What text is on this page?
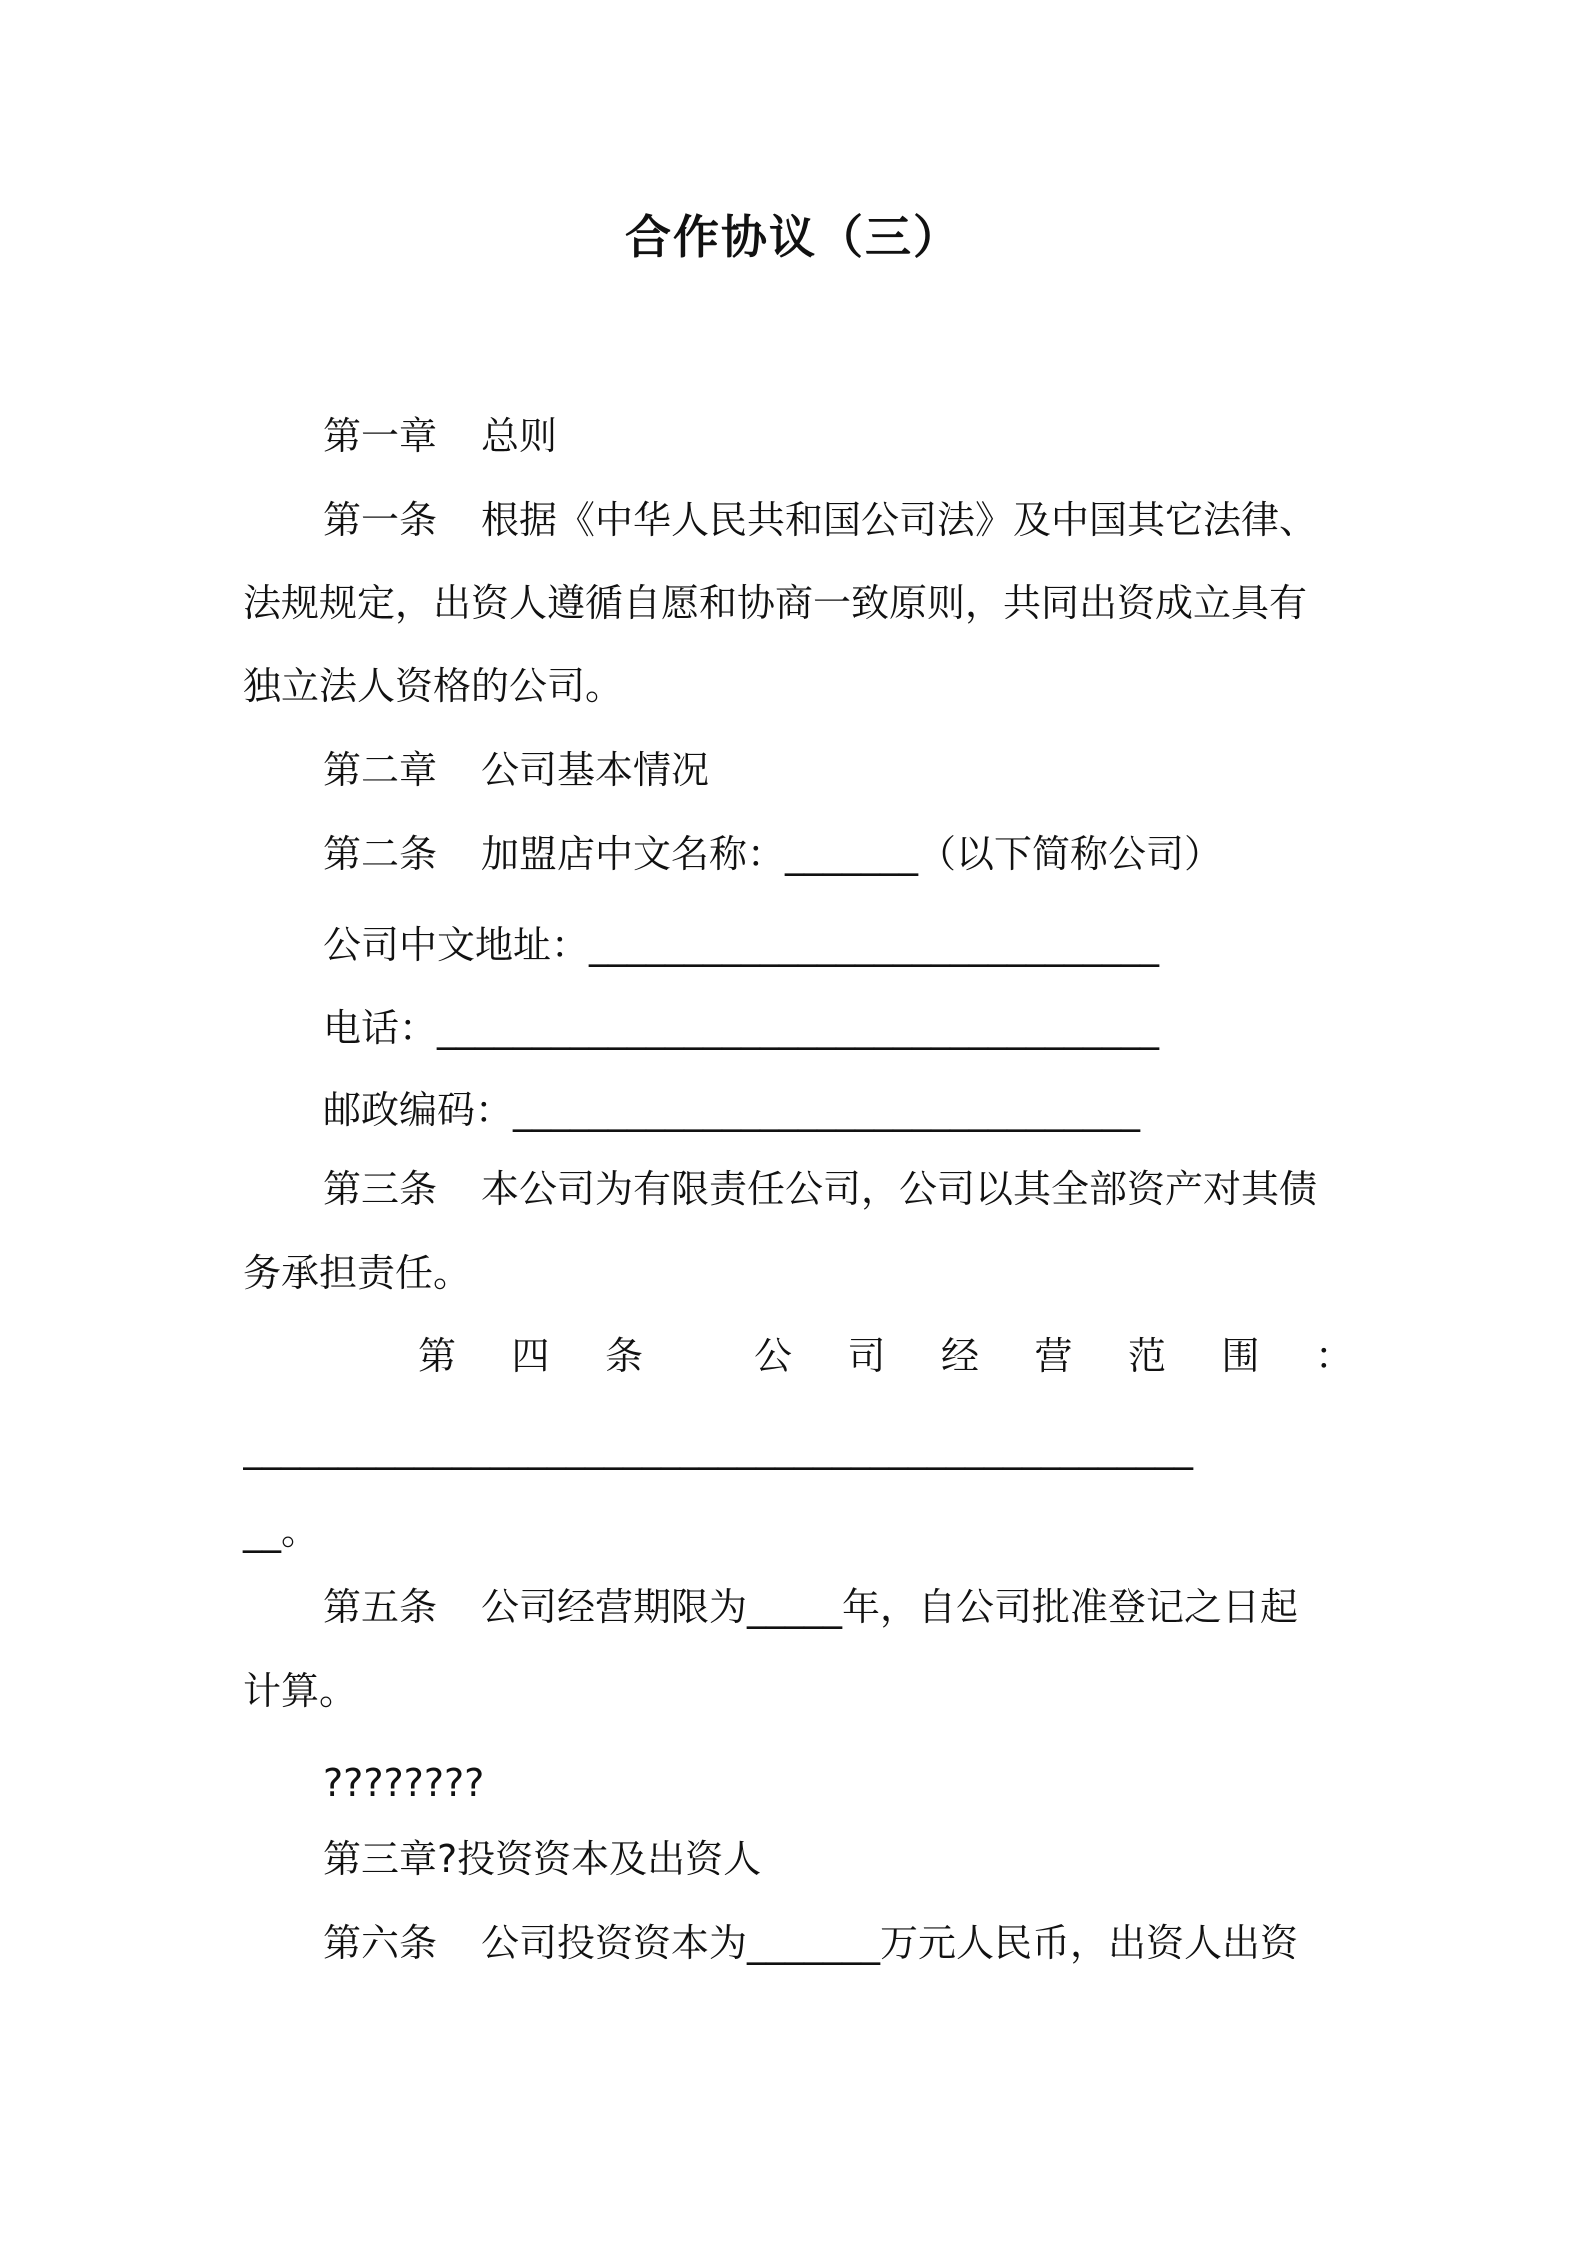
合作协议（三）
第一章 总则
第一条 根据《中华人民共和国公司法》及中国其它法律、
法规规定，出资人遵循自愿和协商一致原则，共同出资成立具有
独立法人资格的公司。
第二章 公司基本情况
第二条 加盟店中文名称：_______（以下简称公司）
公司中文地址：______________________________
电话：______________________________________
邮政编码：_________________________________
第三条 本公司为有限责任公司，公司以其全部资产对其债
务承担责任。
第 四 条	公 司 经 营 范 围 ：
__________________________________________________
__。
第五条 公司经营期限为_____年，自公司批准登记之日起
计算。
????????
第三章?投资资本及出资人
第六条 公司投资资本为_______万元人民币，出资人出资
